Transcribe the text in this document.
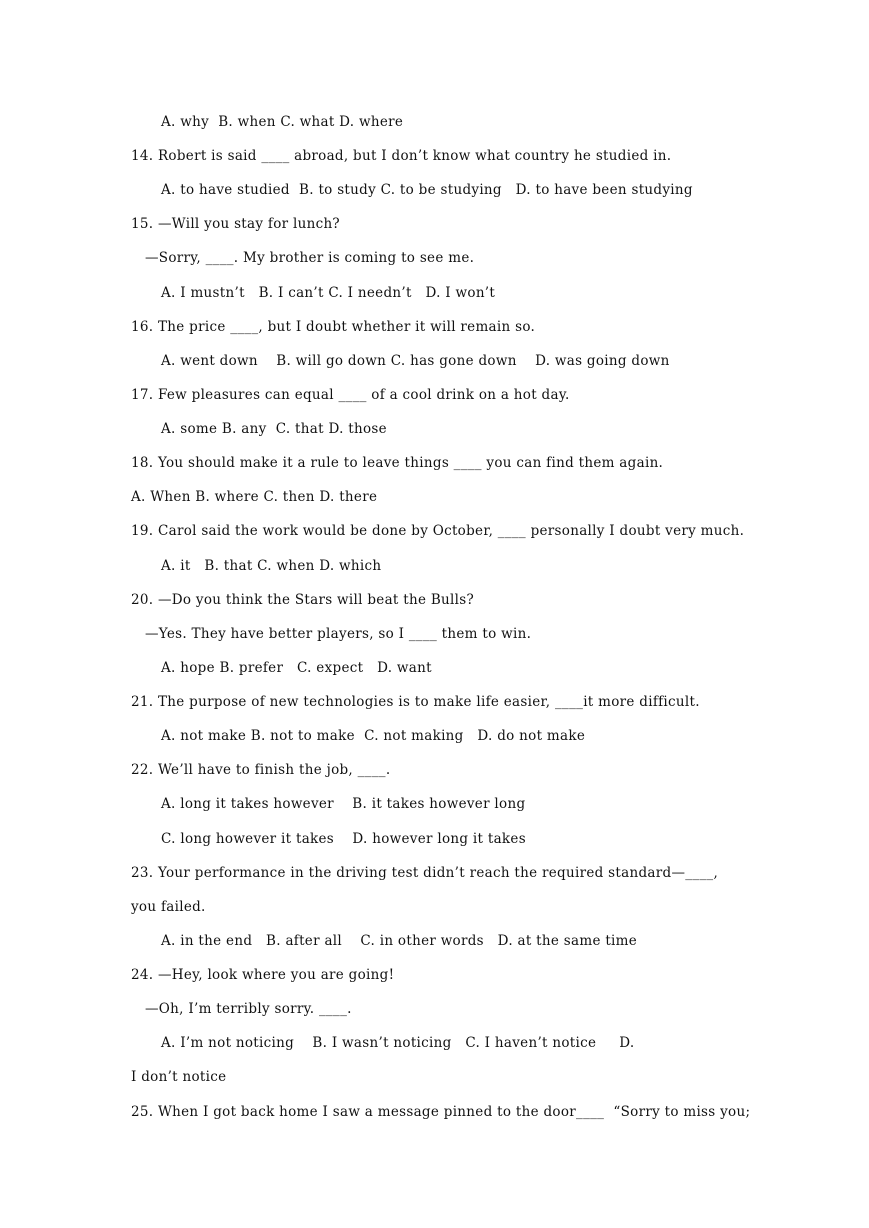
A. why  B. when C. what D. where
14. Robert is said ____ abroad, but I don’t know what country he studied in.
A. to have studied  B. to study C. to be studying   D. to have been studying
15. —Will you stay for lunch?
—Sorry, ____. My brother is coming to see me.
A. I mustn’t   B. I can’t C. I needn’t   D. I won’t
16. The price ____, but I doubt whether it will remain so.
A. went down    B. will go down C. has gone down    D. was going down
17. Few pleasures can equal ____ of a cool drink on a hot day.
A. some B. any  C. that D. those
18. You should make it a rule to leave things ____ you can find them again.
A. When B. where C. then D. there
19. Carol said the work would be done by October, ____ personally I doubt very much.
A. it   B. that C. when D. which
20. —Do you think the Stars will beat the Bulls?
—Yes. They have better players, so I ____ them to win.
A. hope B. prefer   C. expect   D. want
21. The purpose of new technologies is to make life easier, ____it more difficult.
A. not make B. not to make  C. not making   D. do not make
22. We’ll have to finish the job, ____.
A. long it takes however    B. it takes however long
C. long however it takes    D. however long it takes
23. Your performance in the driving test didn’t reach the required standard—____,
you failed.
A. in the end   B. after all    C. in other words   D. at the same time
24. —Hey, look where you are going!
—Oh, I’m terribly sorry. ____.
A. I’m not noticing    B. I wasn’t noticing   C. I haven’t notice     D.
I don’t notice
25. When I got back home I saw a message pinned to the door____  “Sorry to miss you;
